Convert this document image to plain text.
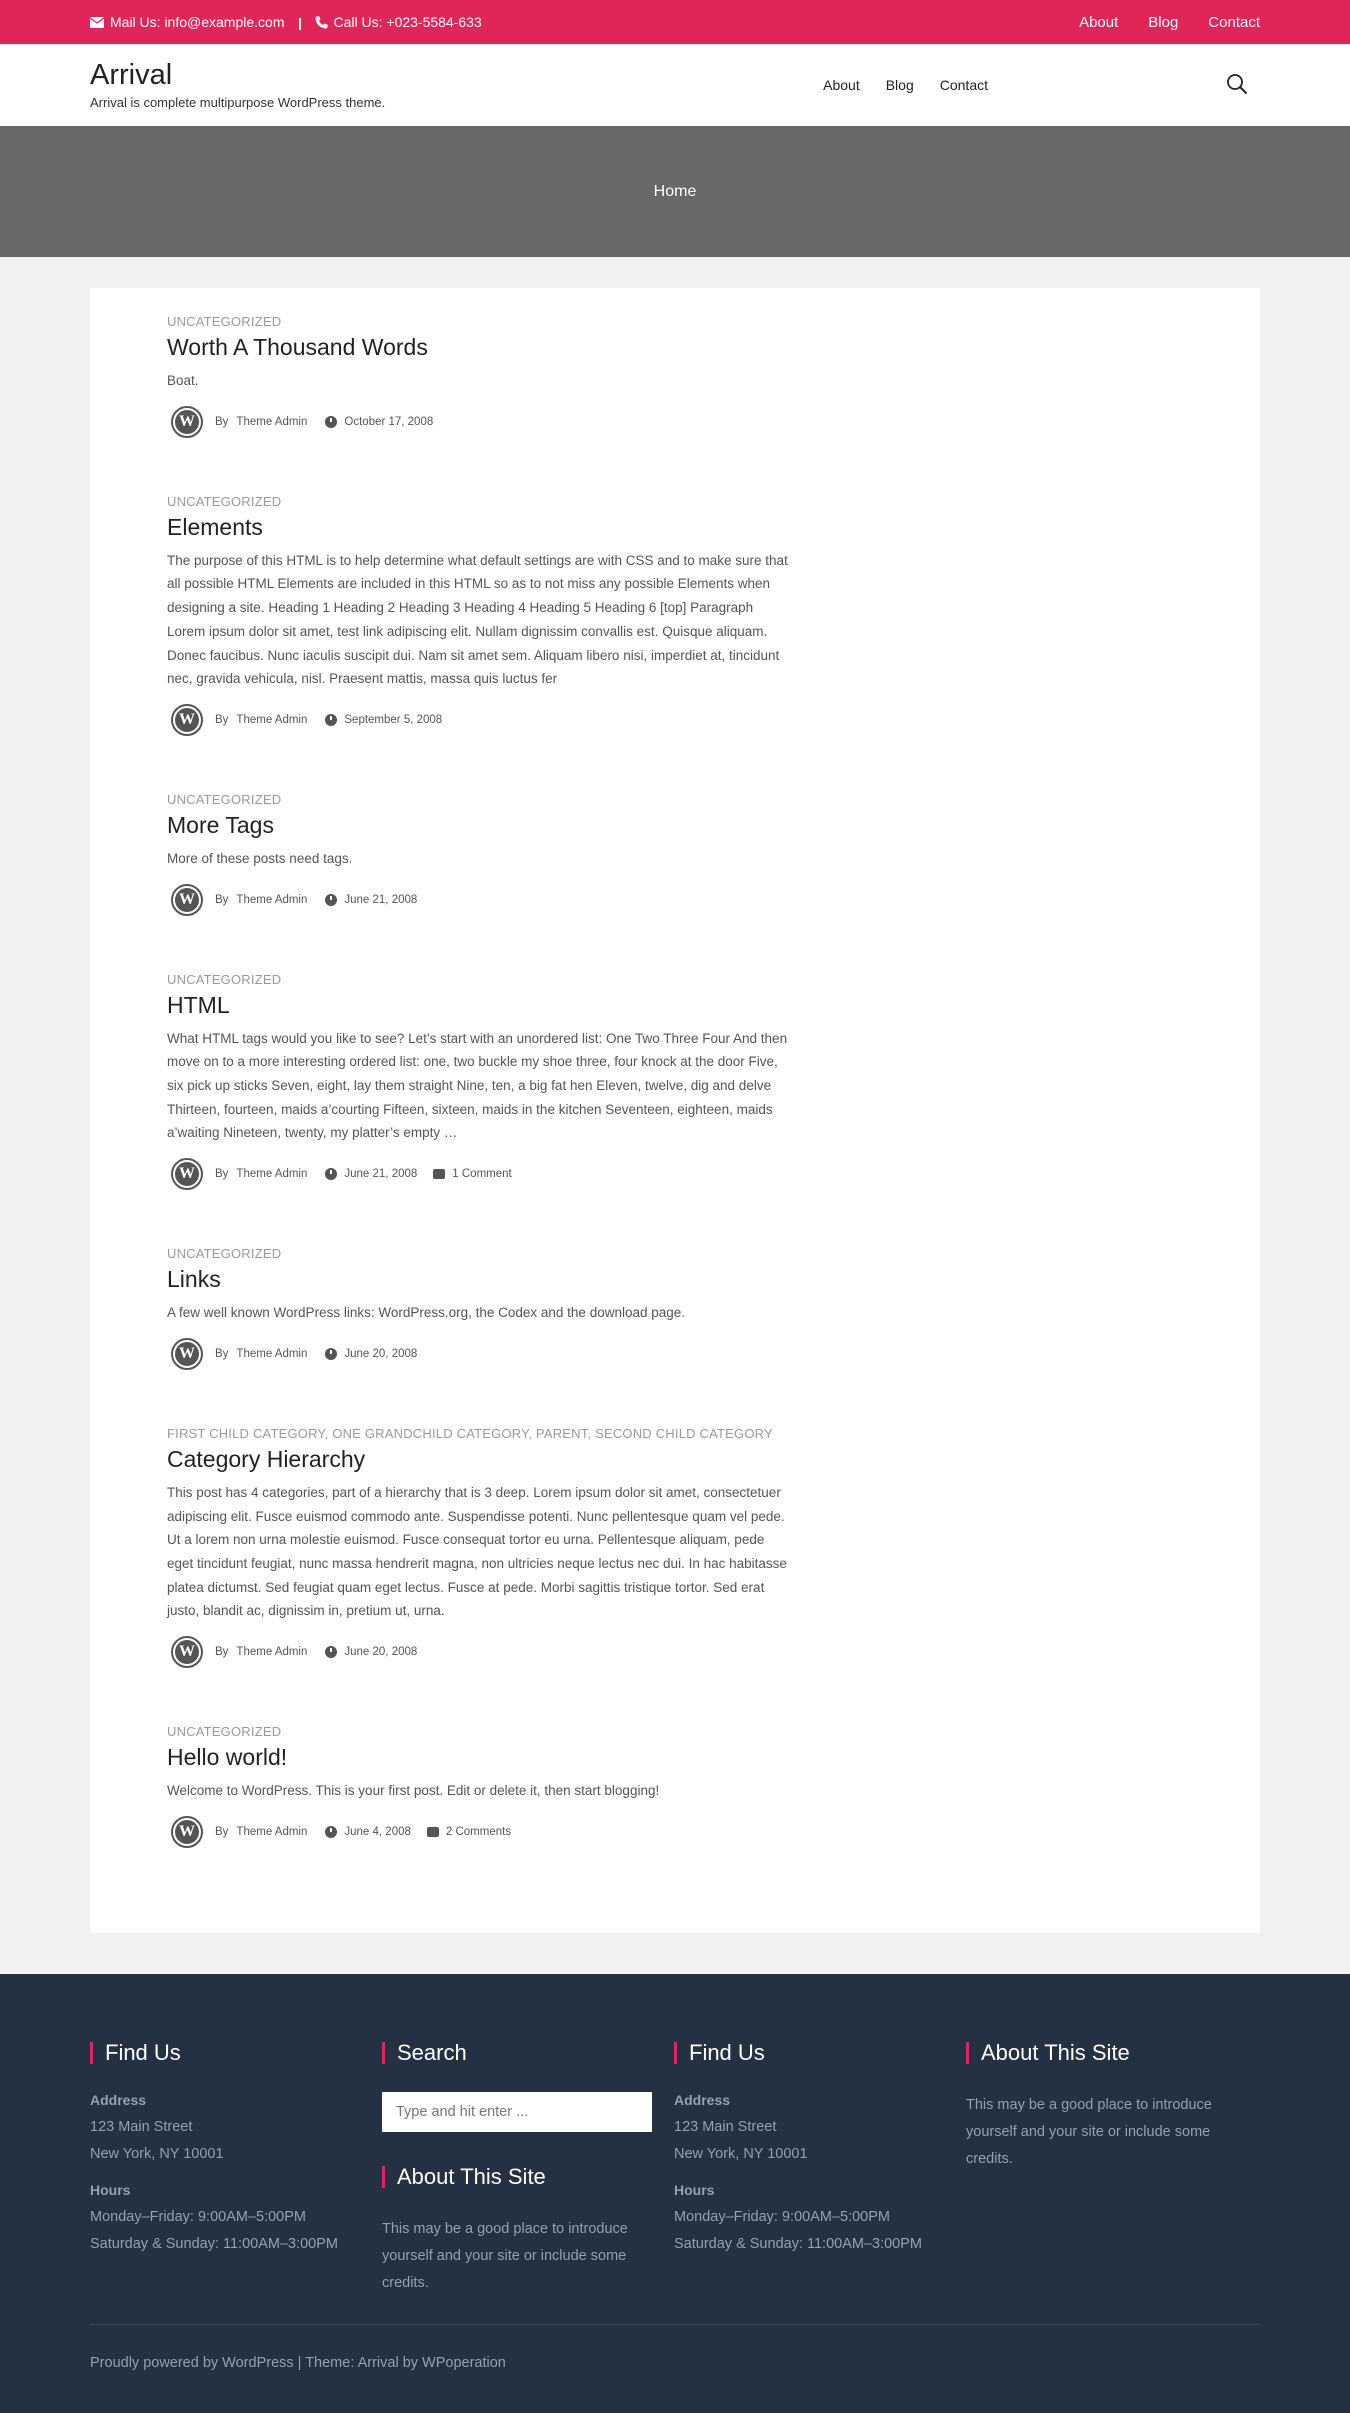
Mail Us: info@example.com	Call Us: +023-5584-633	About Blog Contact
Arrival
Arrival is complete multipurpose WordPress theme.
About Blog Contact
Home
UNCATEGORIZED
Worth A Thousand Words

Boat.

W	By Theme Admin	October 17, 2008
UNCATEGORIZED
Elements

The purpose of this HTML is to help determine what default settings are with CSS and to make sure that all possible HTML Elements are included in this HTML so as to not miss any possible Elements when designing a site. Heading 1 Heading 2 Heading 3 Heading 4 Heading 5 Heading 6 [top] Paragraph Lorem ipsum dolor sit amet, test link adipiscing elit. Nullam dignissim convallis est. Quisque aliquam. Donec faucibus. Nunc iaculis suscipit dui. Nam sit amet sem. Aliquam libero nisi, imperdiet at, tincidunt nec, gravida vehicula, nisl. Praesent mattis, massa quis luctus fer

W	By Theme Admin	September 5, 2008
UNCATEGORIZED
More Tags

More of these posts need tags.

W	By Theme Admin	June 21, 2008
UNCATEGORIZED
HTML

What HTML tags would you like to see? Let’s start with an unordered list: One Two Three Four And then move on to a more interesting ordered list: one, two buckle my shoe three, four knock at the door Five, six pick up sticks Seven, eight, lay them straight Nine, ten, a big fat hen Eleven, twelve, dig and delve Thirteen, fourteen, maids a’courting Fifteen, sixteen, maids in the kitchen Seventeen, eighteen, maids a’waiting Nineteen, twenty, my platter’s empty …

W	By Theme Admin	June 21, 2008	1 Comment
UNCATEGORIZED
Links

A few well known WordPress links: WordPress.org, the Codex and the download page.

W	By Theme Admin	June 20, 2008
FIRST CHILD CATEGORY, ONE GRANDCHILD CATEGORY, PARENT, SECOND CHILD CATEGORY
Category Hierarchy

This post has 4 categories, part of a hierarchy that is 3 deep. Lorem ipsum dolor sit amet, consectetuer adipiscing elit. Fusce euismod commodo ante. Suspendisse potenti. Nunc pellentesque quam vel pede. Ut a lorem non urna molestie euismod. Fusce consequat tortor eu urna. Pellentesque aliquam, pede eget tincidunt feugiat, nunc massa hendrerit magna, non ultricies neque lectus nec dui. In hac habitasse platea dictumst. Sed feugiat quam eget lectus. Fusce at pede. Morbi sagittis tristique tortor. Sed erat justo, blandit ac, dignissim in, pretium ut, urna.

W	By Theme Admin	June 20, 2008
UNCATEGORIZED
Hello world!

Welcome to WordPress. This is your first post. Edit or delete it, then start blogging!

W	By Theme Admin	June 4, 2008	2 Comments
Find Us
Address
123 Main Street
New York, NY 10001
Hours
Monday–Friday: 9:00AM–5:00PM
Saturday & Sunday: 11:00AM–3:00PM
Search
Type and hit enter ...
About This Site

This may be a good place to introduce yourself and your site or include some credits.

Find Us
Address
123 Main Street
New York, NY 10001
Hours
Monday–Friday: 9:00AM–5:00PM
Saturday & Sunday: 11:00AM–3:00PM
About This Site

This may be a good place to introduce yourself and your site or include some credits.

Proudly powered by WordPress | Theme: Arrival by WPoperation
